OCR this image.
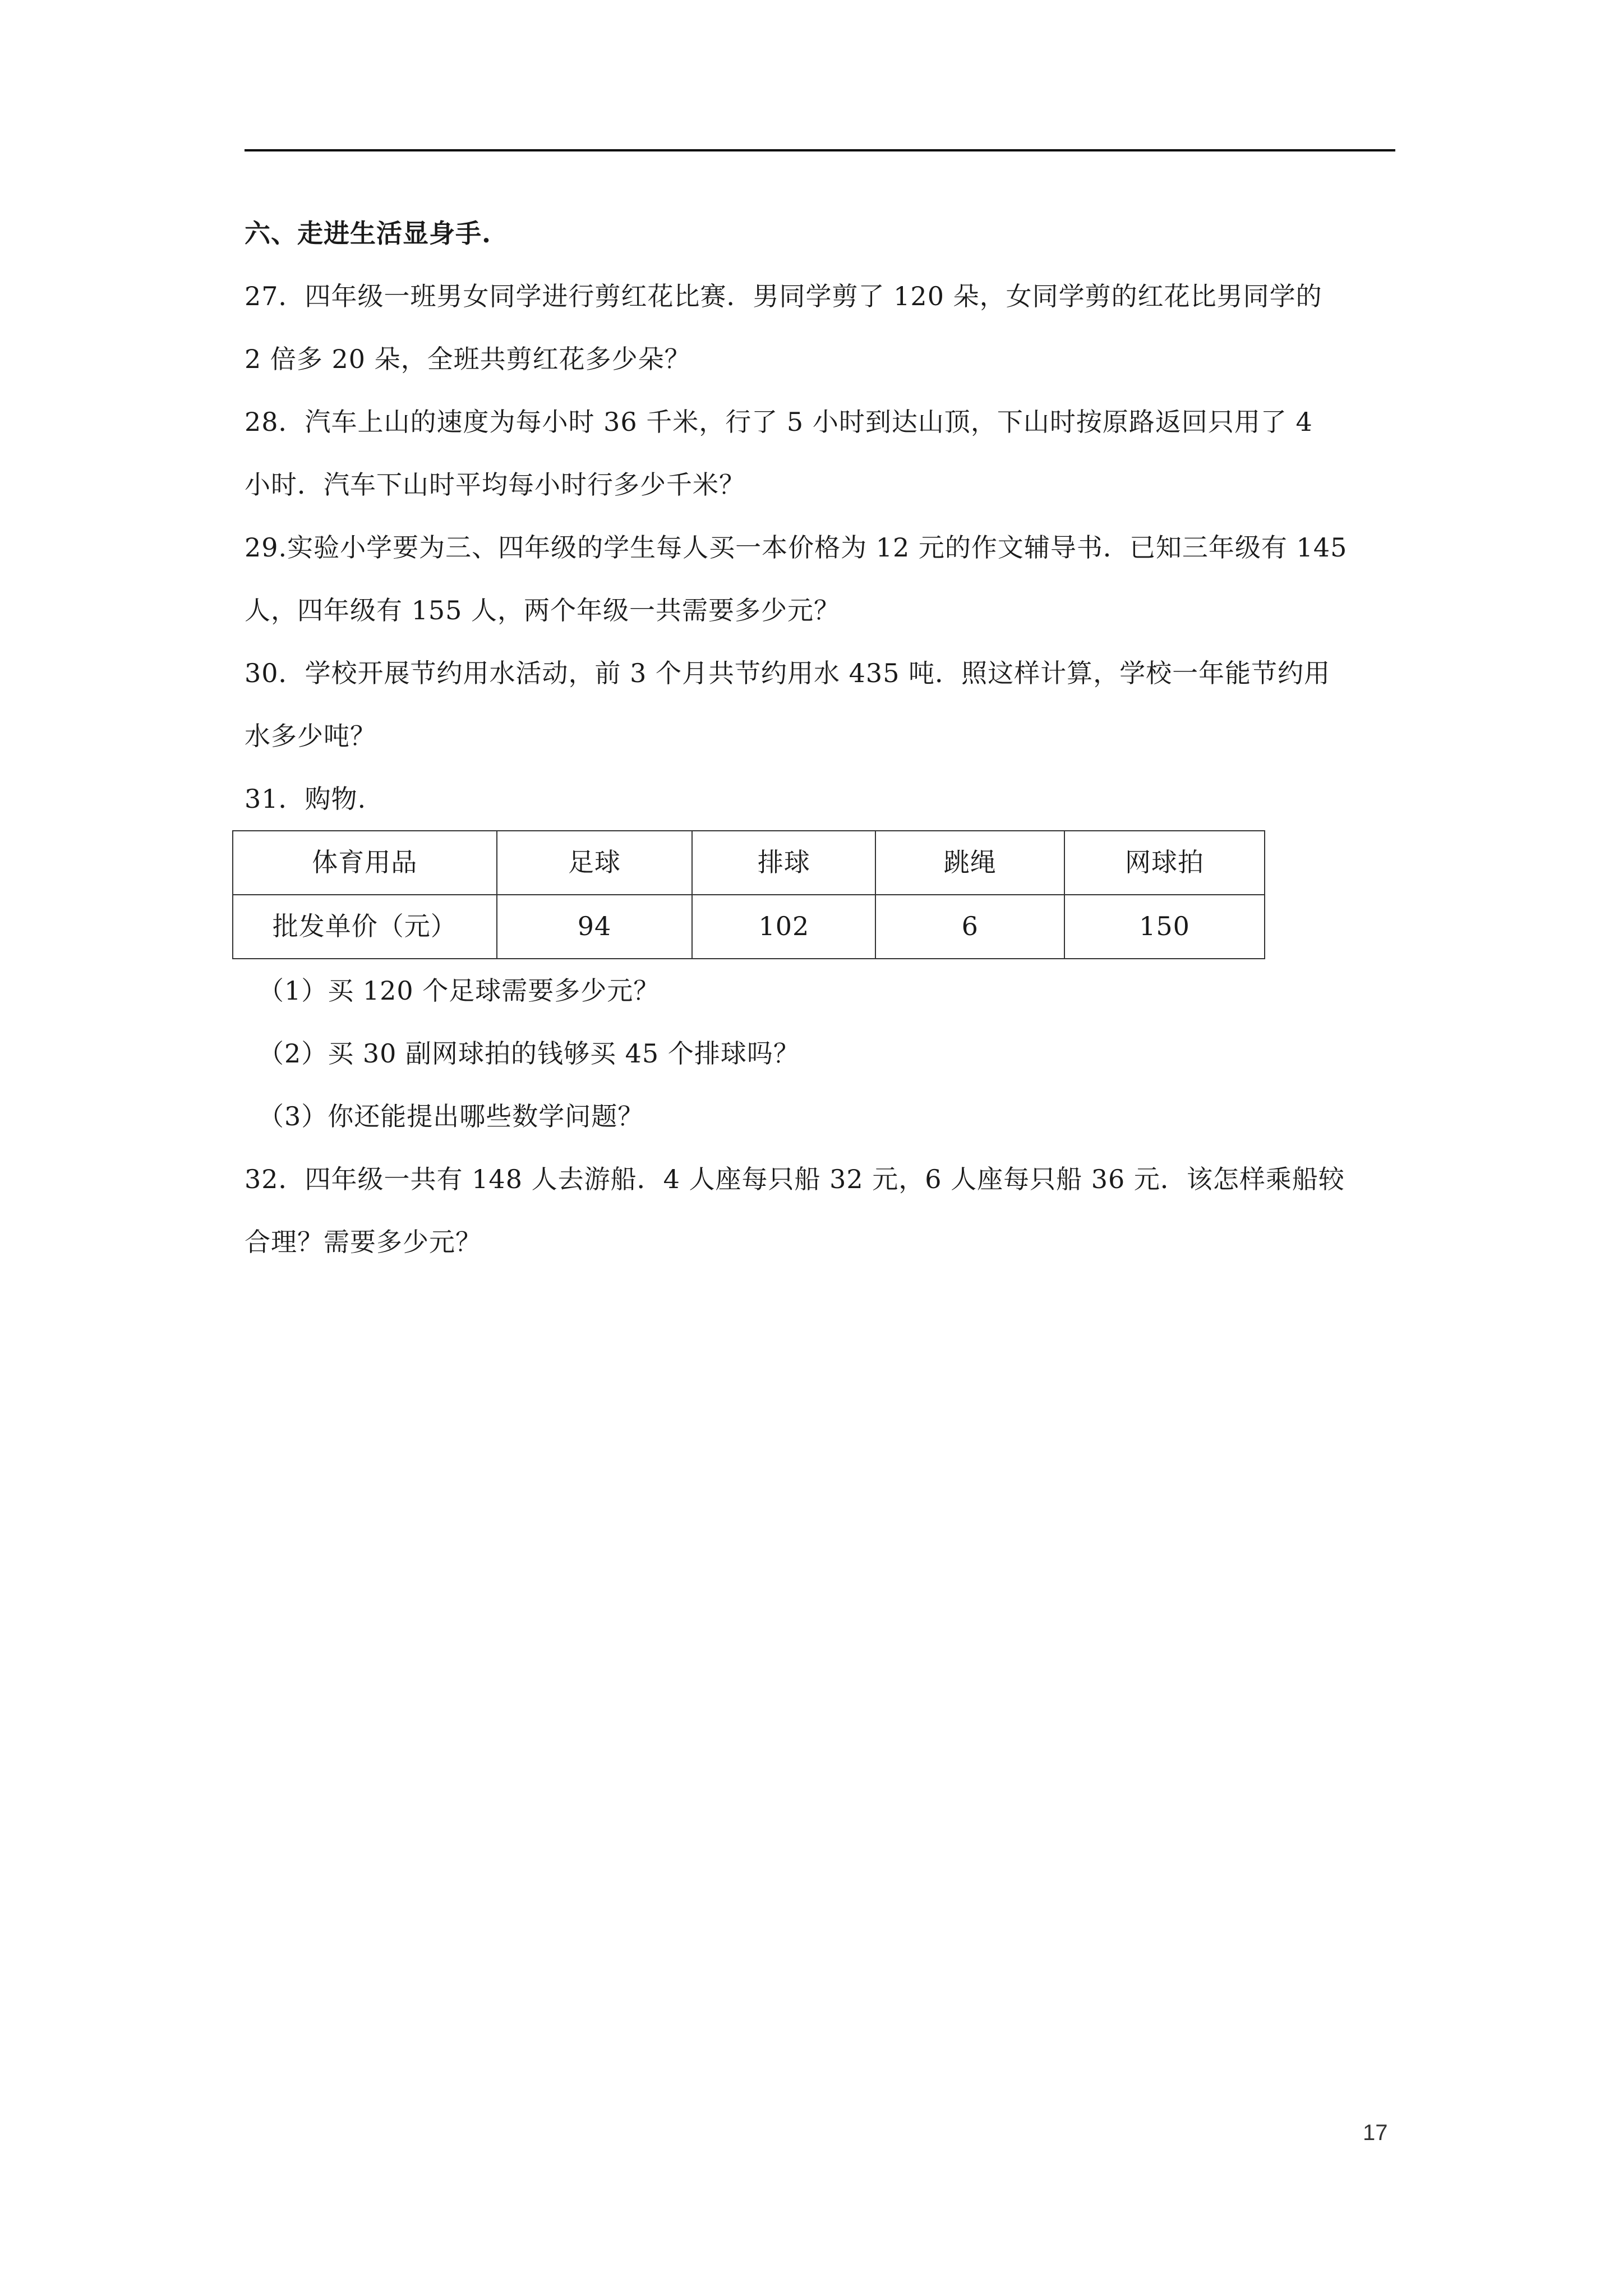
六、走进生活显身手.

27．四年级一班男女同学进行剪红花比赛．男同学剪了 120 朵，女同学剪的红花比男同学的

2 倍多 20 朵，全班共剪红花多少朵？

28．汽车上山的速度为每小时 36 千米，行了 5 小时到达山顶，下山时按原路返回只用了 4

小时．汽车下山时平均每小时行多少千米？

29.实验小学要为三、四年级的学生每人买一本价格为 12 元的作文辅导书．已知三年级有 145

人，四年级有 155 人，两个年级一共需要多少元？

30．学校开展节约用水活动，前 3 个月共节约用水 435 吨．照这样计算，学校一年能节约用

水多少吨？

31．购物.

体育用品	足球	排球	跳绳	网球拍
批发单价（元）	94	102	6	150

（1）买 120 个足球需要多少元？

（2）买 30 副网球拍的钱够买 45 个排球吗？

（3）你还能提出哪些数学问题？

32．四年级一共有 148 人去游船．4 人座每只船 32 元，6 人座每只船 36 元．该怎样乘船较

合理？需要多少元？

17
